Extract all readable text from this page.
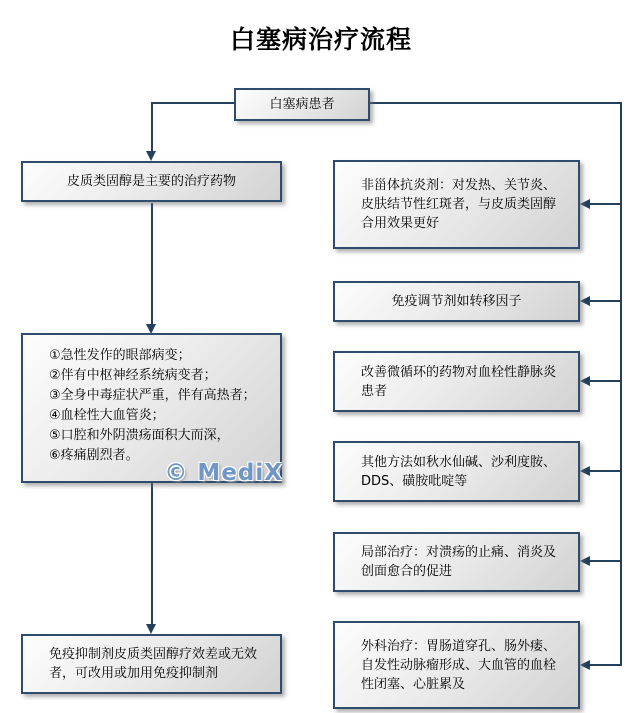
白塞病治疗流程
白塞病患者
皮质类固醇是主要的治疗药物
①急性发作的眼部病变；
②伴有中枢神经系统病变者；
③全身中毒症状严重，伴有高热者；
④血栓性大血管炎；
⑤口腔和外阴溃疡面积大而深，
⑥疼痛剧烈者。
© MediX
免疫抑制剂皮质类固醇疗效差或无效者，可改用或加用免疫抑制剂
非甾体抗炎剂：对发热、关节炎、皮肤结节性红斑者，与皮质类固醇合用效果更好
免疫调节剂如转移因子
改善微循环的药物对血栓性静脉炎患者
其他方法如秋水仙碱、沙利度胺、DDS、磺胺吡啶等
局部治疗：对溃疡的止痛、消炎及创面愈合的促进
外科治疗：胃肠道穿孔、肠外瘘、自发性动脉瘤形成、大血管的血栓性闭塞、心脏累及
